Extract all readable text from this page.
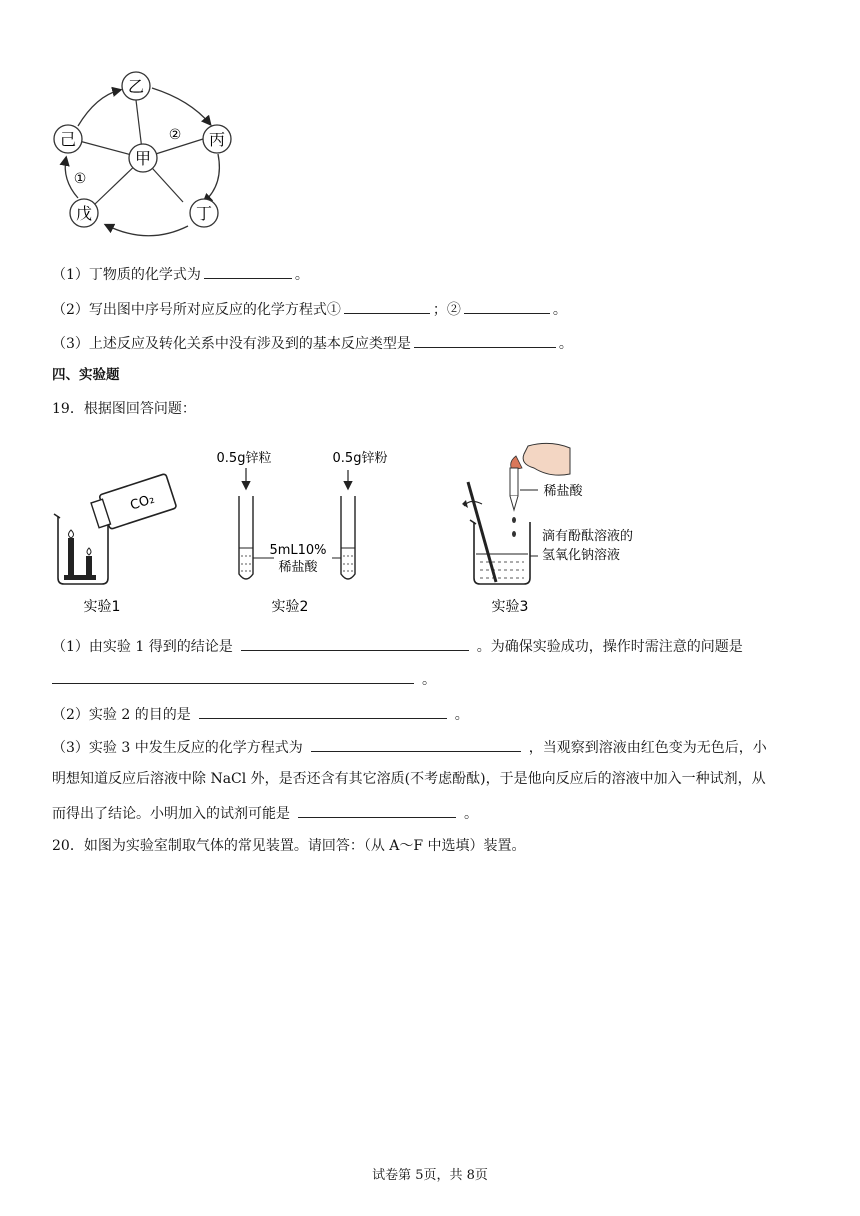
乙
丙
丁
戊
己
甲
②
①
（1）丁物质的化学式为	。
（2）写出图中序号所对应反应的化学方程式①	；②	。
（3）上述反应及转化关系中没有涉及到的基本反应类型是	。
四、实验题
19．根据图回答问题：
CO₂
实验1
0.5g锌粒	0.5g锌粉
5mL10%
稀盐酸
实验2
稀盐酸
滴有酚酞溶液的
氢氧化钠溶液
实验3
（1）由实验 1 得到的结论是	。为确保实验成功，操作时需注意的问题是
。
（2）实验 2 的目的是	。
（3）实验 3 中发生反应的化学方程式为	，当观察到溶液由红色变为无色后，小
明想知道反应后溶液中除 NaCl 外，是否还含有其它溶质(不考虑酚酞)，于是他向反应后的溶液中加入一种试剂，从
而得出了结论。小明加入的试剂可能是	。
20．如图为实验室制取气体的常见装置。请回答：（从 A～F 中选填）装置。
试卷第 5页，共 8页
